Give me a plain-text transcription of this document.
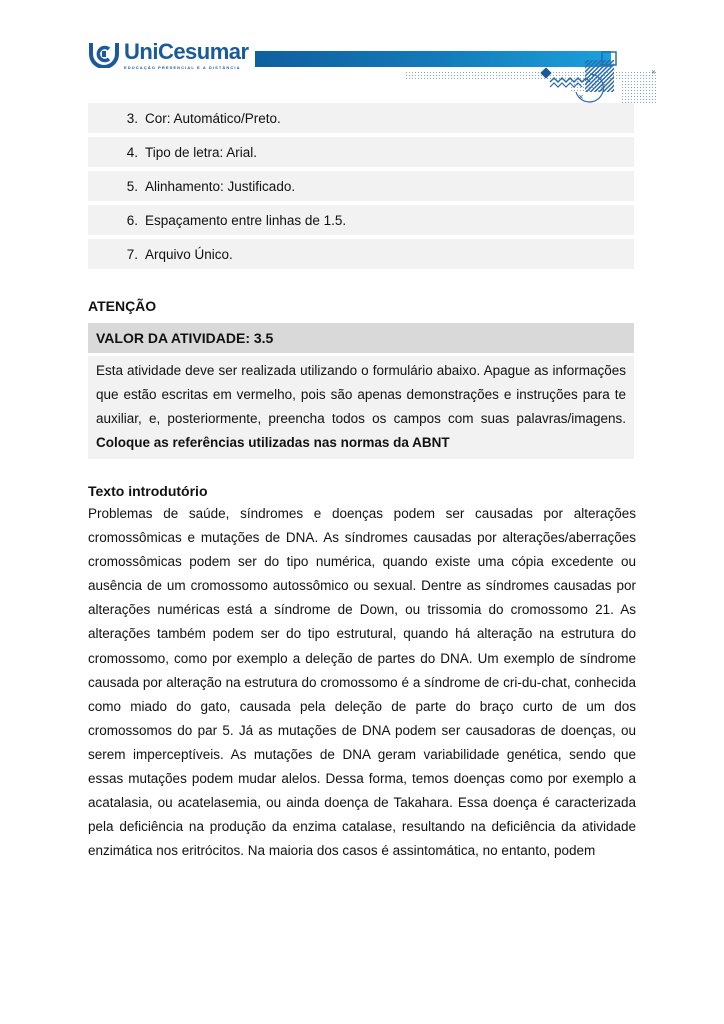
UniCesumar
EDUCAÇÃO PRESENCIAL E A DISTÂNCIA
×
×
3. Cor: Automático/Preto.
4. Tipo de letra: Arial.
5. Alinhamento: Justificado.
6. Espaçamento entre linhas de 1.5.
7. Arquivo Único.
ATENÇÃO
VALOR DA ATIVIDADE: 3.5
Esta atividade deve ser realizada utilizando o formulário abaixo. Apague as informações que estão escritas em vermelho, pois são apenas demonstrações e instruções para te auxiliar, e, posteriormente, preencha todos os campos com suas palavras/imagens. Coloque as referências utilizadas nas normas da ABNT
Texto introdutório
Problemas de saúde, síndromes e doenças podem ser causadas por alterações cromossômicas e mutações de DNA. As síndromes causadas por alterações/aberrações cromossômicas podem ser do tipo numérica, quando existe uma cópia excedente ou ausência de um cromossomo autossômico ou sexual. Dentre as síndromes causadas por alterações numéricas está a síndrome de Down, ou trissomia do cromossomo 21. As alterações também podem ser do tipo estrutural, quando há alteração na estrutura do cromossomo, como por exemplo a deleção de partes do DNA. Um exemplo de síndrome causada por alteração na estrutura do cromossomo é a síndrome de cri-du-chat, conhecida como miado do gato, causada pela deleção de parte do braço curto de um dos cromossomos do par 5. Já as mutações de DNA podem ser causadoras de doenças, ou serem imperceptíveis. As mutações de DNA geram variabilidade genética, sendo que essas mutações podem mudar alelos. Dessa forma, temos doenças como por exemplo a acatalasia, ou acatelasemia, ou ainda doença de Takahara. Essa doença é caracterizada pela deficiência na produção da enzima catalase, resultando na deficiência da atividade enzimática nos eritrócitos. Na maioria dos casos é assintomática, no entanto, podem
